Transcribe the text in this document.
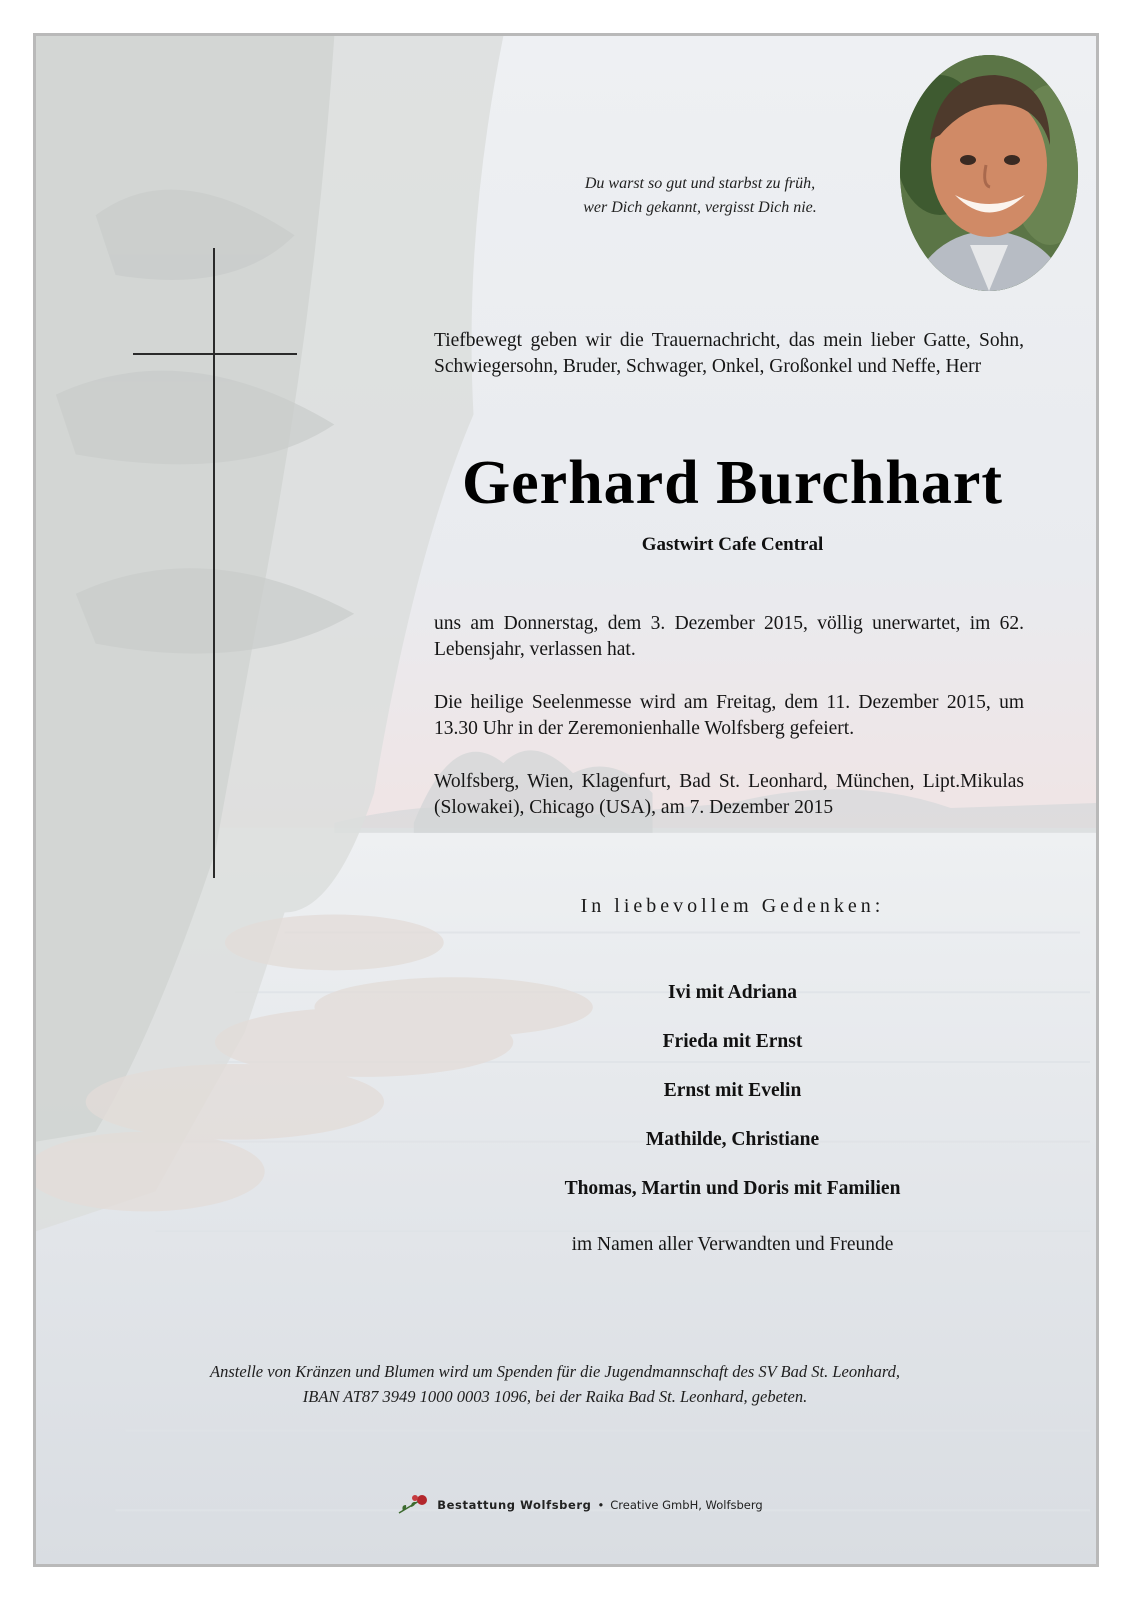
Du warst so gut und starbst zu früh,
wer Dich gekannt, vergisst Dich nie.
Tiefbewegt geben wir die Trauernachricht, das mein lieber Gatte, Sohn, Schwiegersohn, Bruder, Schwager, Onkel, Großonkel und Neffe, Herr
Gerhard Burchhart
Gastwirt Cafe Central
uns am Donnerstag, dem 3. Dezember 2015, völlig unerwartet, im 62. Lebensjahr, verlassen hat.
Die heilige Seelenmesse wird am Freitag, dem 11. Dezember 2015, um 13.30 Uhr in der Zeremonienhalle Wolfsberg gefeiert.
Wolfsberg, Wien, Klagenfurt, Bad St. Leonhard, München, Lipt.Mikulas (Slowakei), Chicago (USA), am 7. Dezember 2015
In liebevollem Gedenken:
Ivi mit Adriana
Frieda mit Ernst
Ernst mit Evelin
Mathilde, Christiane
Thomas, Martin und Doris mit Familien
im Namen aller Verwandten und Freunde
Anstelle von Kränzen und Blumen wird um Spenden für die Jugendmannschaft des SV Bad St. Leonhard,
IBAN AT87 3949 1000 0003 1096, bei der Raika Bad St. Leonhard, gebeten.
Bestattung Wolfsberg • Creative GmbH, Wolfsberg
